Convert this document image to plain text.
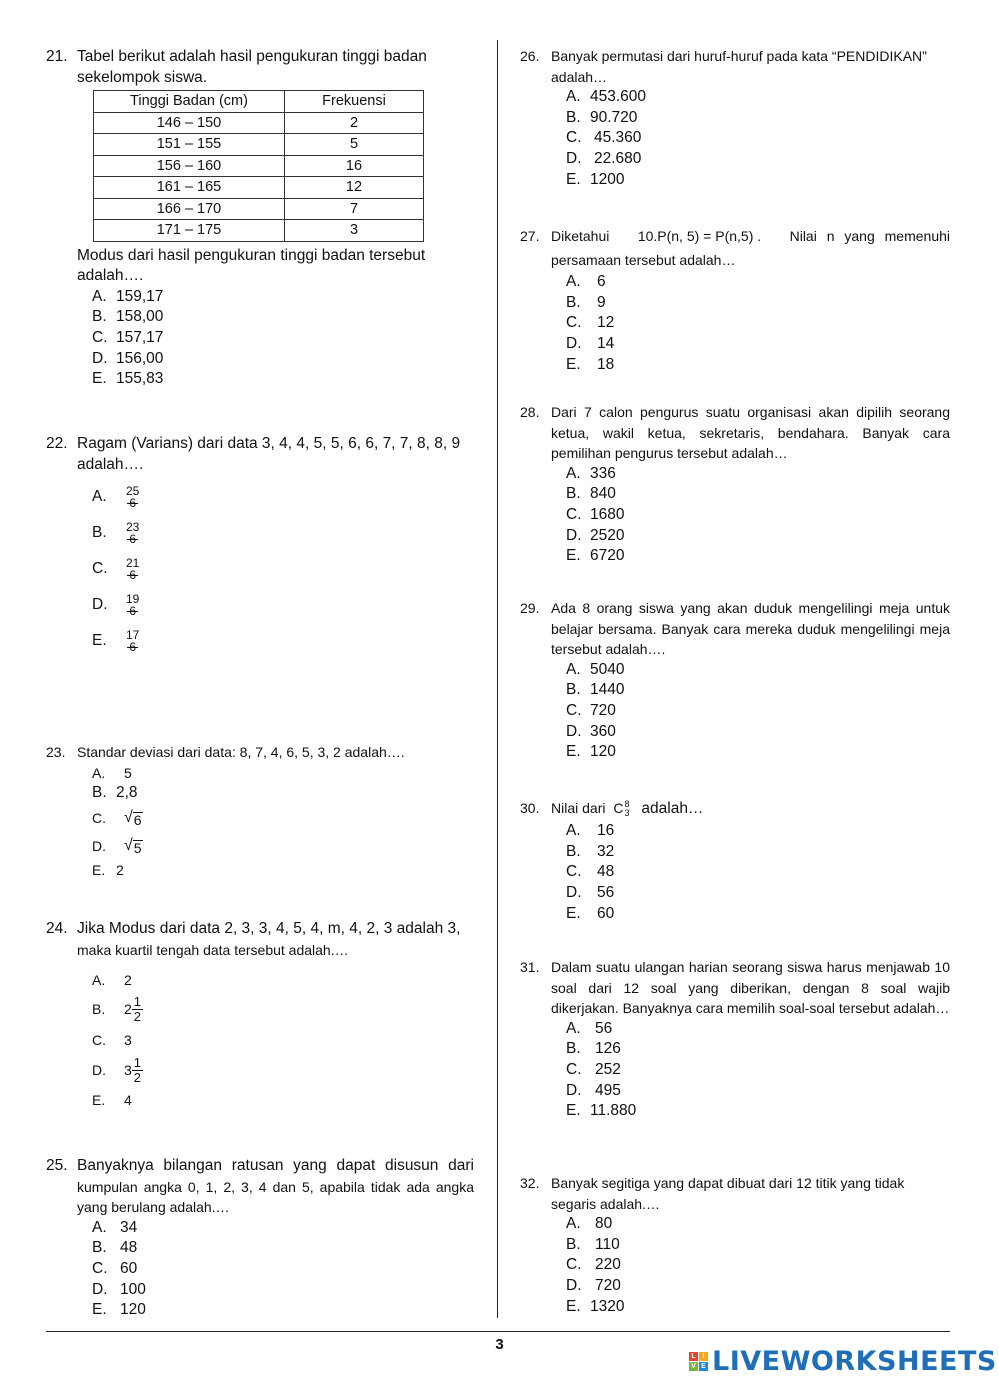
21. Tabel berikut adalah hasil pengukuran tinggi badan sekelompok siswa.
Tinggi Badan (cm)	Frekuensi
146 – 150	2
151 – 155	5
156 – 160	16
161 – 165	12
166 – 170	7
171 – 175	3
Modus dari hasil pengukuran tinggi badan tersebut adalah….
A. 159,17
B. 158,00
C. 157,17
D. 156,00
E. 155,83
22. Ragam (Varians) dari data 3, 4, 4, 5, 5, 6, 6, 7, 7, 8, 8, 9 adalah….
A.	25
6
B.	23
6
C.	21
6
D.	19
6
E.	17
6
23. Standar deviasi dari data: 8, 7, 4, 6, 5, 3, 2 adalah….
A.	5
B. 2,8
C.	√ 6
D.	√ 5
E. 2
24. Jika Modus dari data 2, 3, 3, 4, 5, 4, m, 4, 2, 3 adalah 3,
maka kuartil tengah data tersebut adalah.…
A.	2
B.	$2 \frac{1}{2}$
C.	3
D.	$3 \frac{1}{2}$
E.	4
25. Banyaknya bilangan ratusan yang dapat disusun dari
kumpulan angka 0, 1, 2, 3, 4 dan 5, apabila tidak ada angka yang berulang adalah.…
A. 34
B. 48
C. 60
D. 100
E. 120
26. Banyak permutasi dari huruf-huruf pada kata “PENDIDIKAN” adalah…
A. 453.600
B. 90.720
C. 45.360
D. 22.680
E. 1200
27. Diketahui 10.P(n, 5) = P(n,5) . Nilai n yang memenuhi
persamaan tersebut adalah…
A.	6
B.	9
C.	12
D.	14
E.	18
28. Dari 7 calon pengurus suatu organisasi akan dipilih seorang ketua, wakil ketua, sekretaris, bendahara. Banyak cara pemilihan pengurus tersebut adalah…
A. 336
B. 840
C. 1680
D. 2520
E. 6720
29. Ada 8 orang siswa yang akan duduk mengelilingi meja untuk belajar bersama. Banyak cara mereka duduk mengelilingi meja tersebut adalah….
A. 5040
B. 1440
C. 720
D. 360
E. 120
30. Nilai dari C 8
3 adalah…
A.	16
B.	32
C.	48
D.	56
E.	60
31. Dalam suatu ulangan harian seorang siswa harus menjawab 10 soal dari 12 soal yang diberikan, dengan 8 soal wajib dikerjakan. Banyaknya cara memilih soal-soal tersebut adalah…
A. 56
B. 126
C. 252
D. 495
E. 11.880
32. Banyak segitiga yang dapat dibuat dari 12 titik yang tidak segaris adalah.…
A. 80
B. 110
C. 220
D. 720
E. 1320
3
L I
V E LIVEWORKSHEETS
